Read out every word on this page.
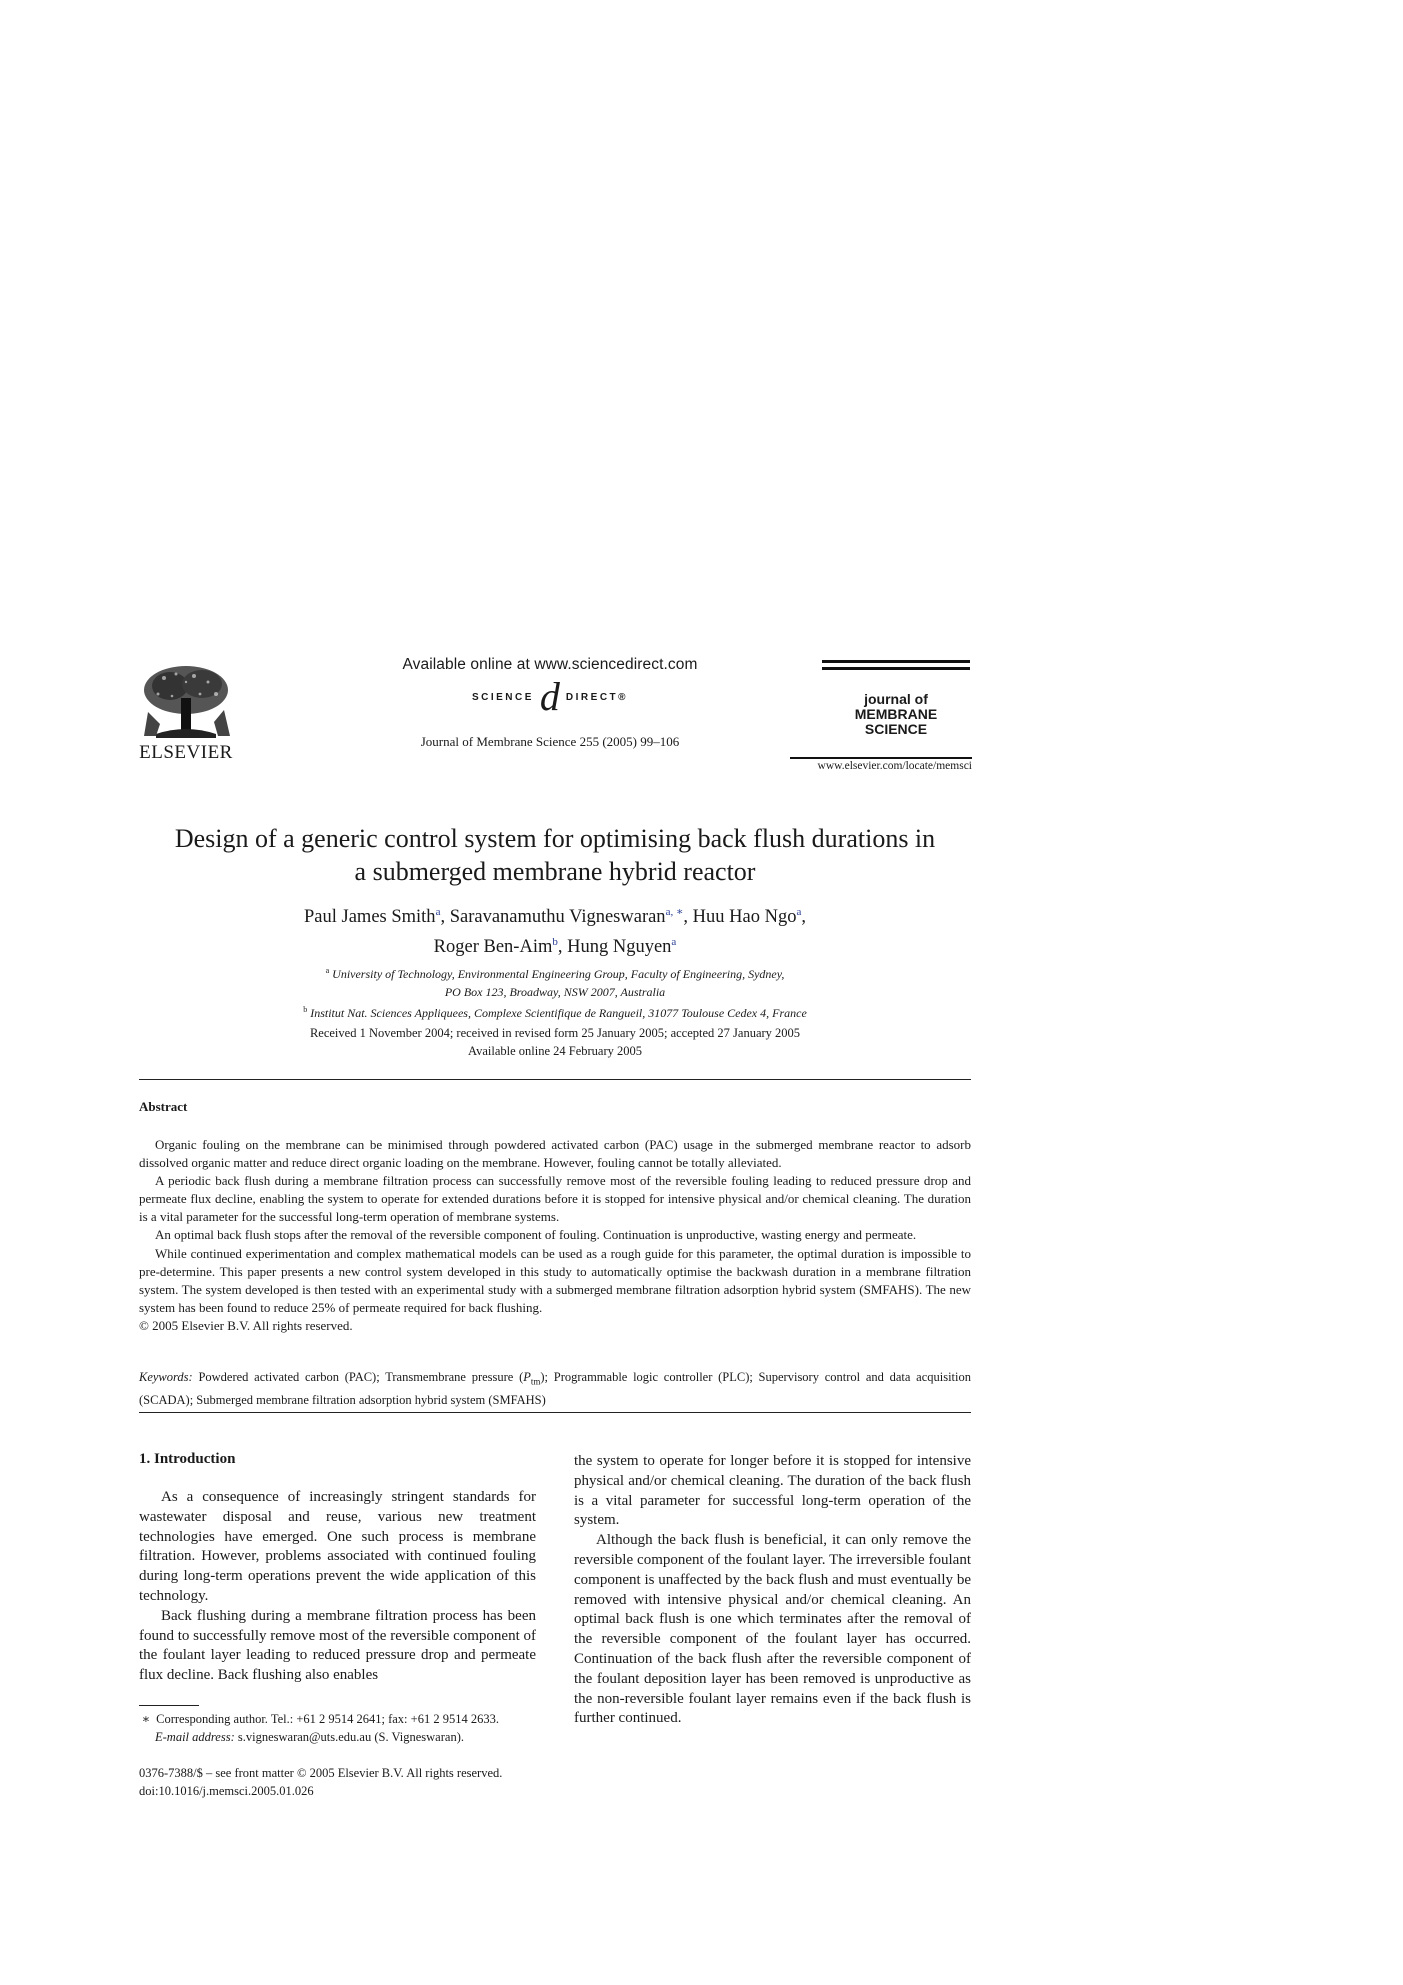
ELSEVIER
Available online at www.sciencedirect.com
SCIENCE d DIRECT®
Journal of Membrane Science 255 (2005) 99–106
journal of
MEMBRANE
SCIENCE
www.elsevier.com/locate/memsci
Design of a generic control system for optimising back flush durations in
a submerged membrane hybrid reactor
Paul James Smith$^a$, Saravanamuthu Vigneswaran$^{a, ∗}$, Huu Hao Ngo$^a$,
Roger Ben-Aim$^b$, Hung Nguyen$^a$
$^a$ University of Technology, Environmental Engineering Group, Faculty of Engineering, Sydney,
PO Box 123, Broadway, NSW 2007, Australia
$^b$ Institut Nat. Sciences Appliquees, Complexe Scientifique de Rangueil, 31077 Toulouse Cedex 4, France
Received 1 November 2004; received in revised form 25 January 2005; accepted 27 January 2005
Available online 24 February 2005
Abstract

Organic fouling on the membrane can be minimised through powdered activated carbon (PAC) usage in the submerged membrane reactor to adsorb dissolved organic matter and reduce direct organic loading on the membrane. However, fouling cannot be totally alleviated.

A periodic back flush during a membrane filtration process can successfully remove most of the reversible fouling leading to reduced pressure drop and permeate flux decline, enabling the system to operate for extended durations before it is stopped for intensive physical and/or chemical cleaning. The duration is a vital parameter for the successful long-term operation of membrane systems.

An optimal back flush stops after the removal of the reversible component of fouling. Continuation is unproductive, wasting energy and permeate.

While continued experimentation and complex mathematical models can be used as a rough guide for this parameter, the optimal duration is impossible to pre-determine. This paper presents a new control system developed in this study to automatically optimise the backwash duration in a membrane filtration system. The system developed is then tested with an experimental study with a submerged membrane filtration adsorption hybrid system (SMFAHS). The new system has been found to reduce 25% of permeate required for back flushing.

© 2005 Elsevier B.V. All rights reserved.

Keywords: Powdered activated carbon (PAC); Transmembrane pressure $(P_{tm})$; Programmable logic controller (PLC); Supervisory control and data acquisition (SCADA); Submerged membrane filtration adsorption hybrid system (SMFAHS)
1. Introduction

As a consequence of increasingly stringent standards for wastewater disposal and reuse, various new treatment technologies have emerged. One such process is membrane filtration. However, problems associated with continued fouling during long-term operations prevent the wide application of this technology.

Back flushing during a membrane filtration process has been found to successfully remove most of the reversible component of the foulant layer leading to reduced pressure drop and permeate flux decline. Back flushing also enables

the system to operate for longer before it is stopped for intensive physical and/or chemical cleaning. The duration of the back flush is a vital parameter for successful long-term operation of the system.

Although the back flush is beneficial, it can only remove the reversible component of the foulant layer. The irreversible foulant component is unaffected by the back flush and must eventually be removed with intensive physical and/or chemical cleaning. An optimal back flush is one which terminates after the removal of the reversible component of the foulant layer has occurred. Continuation of the back flush after the reversible component of the foulant deposition layer has been removed is unproductive as the non-reversible foulant layer remains even if the back flush is further continued.

∗ Corresponding author. Tel.: +61 2 9514 2641; fax: +61 2 9514 2633.
E-mail address: s.vigneswaran@uts.edu.au (S. Vigneswaran).
0376-7388/$ – see front matter © 2005 Elsevier B.V. All rights reserved.
doi:10.1016/j.memsci.2005.01.026
